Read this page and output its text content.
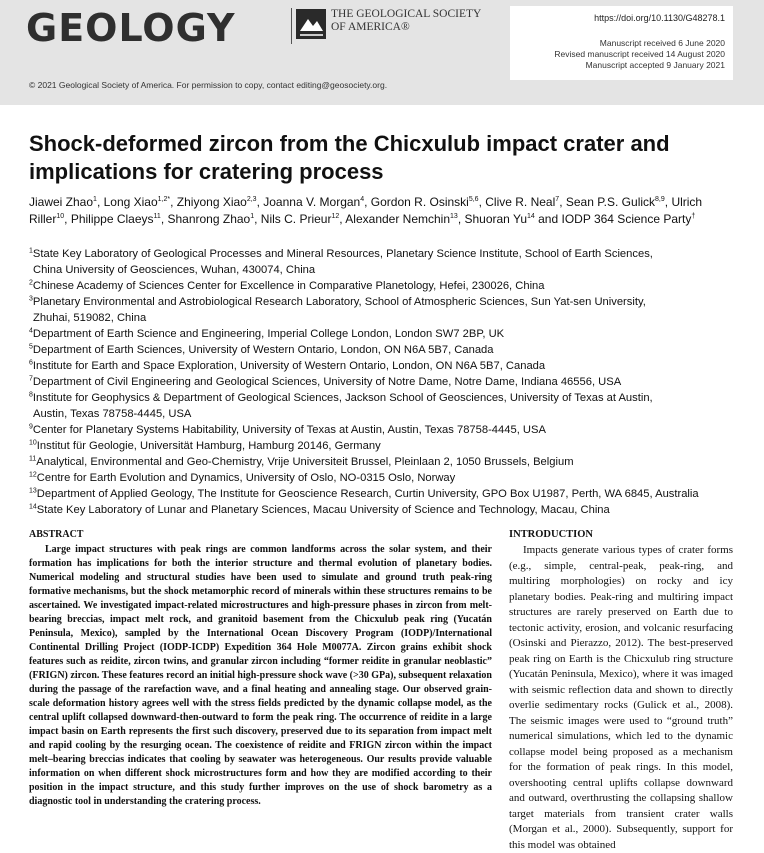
GEOLOGY	THE GEOLOGICAL SOCIETY
OF AMERICA®
https://doi.org/10.1130/G48278.1
Manuscript received 6 June 2020
Revised manuscript received 14 August 2020
Manuscript accepted 9 January 2021
© 2021 Geological Society of America. For permission to copy, contact editing@geosociety.org.
Shock-deformed zircon from the Chicxulub impact crater and implications for cratering process
Jiawei Zhao$^1$, Long Xiao$^{1,2*}$, Zhiyong Xiao$^{2,3}$, Joanna V. Morgan$^4$, Gordon R. Osinski$^{5,6}$, Clive R. Neal$^7$, Sean P.S. Gulick$^{8,9}$, Ulrich Riller$^{10}$, Philippe Claeys$^{11}$, Shanrong Zhao$^1$, Nils C. Prieur$^{12}$, Alexander Nemchin$^{13}$, Shuoran Yu$^{14}$ and IODP 364 Science Party†
$^1$State Key Laboratory of Geological Processes and Mineral Resources, Planetary Science Institute, School of Earth Sciences,
China University of Geosciences, Wuhan, 430074, China
$^2$Chinese Academy of Sciences Center for Excellence in Comparative Planetology, Hefei, 230026, China
$^3$Planetary Environmental and Astrobiological Research Laboratory, School of Atmospheric Sciences, Sun Yat-sen University,
Zhuhai, 519082, China
$^4$Department of Earth Science and Engineering, Imperial College London, London SW7 2BP, UK
$^5$Department of Earth Sciences, University of Western Ontario, London, ON N6A 5B7, Canada
$^6$Institute for Earth and Space Exploration, University of Western Ontario, London, ON N6A 5B7, Canada
$^7$Department of Civil Engineering and Geological Sciences, University of Notre Dame, Notre Dame, Indiana 46556, USA
$^8$Institute for Geophysics & Department of Geological Sciences, Jackson School of Geosciences, University of Texas at Austin,
Austin, Texas 78758-4445, USA
$^9$Center for Planetary Systems Habitability, University of Texas at Austin, Austin, Texas 78758-4445, USA
$^{10}$Institut für Geologie, Universität Hamburg, Hamburg 20146, Germany
$^{11}$Analytical, Environmental and Geo-Chemistry, Vrije Universiteit Brussel, Pleinlaan 2, 1050 Brussels, Belgium
$^{12}$Centre for Earth Evolution and Dynamics, University of Oslo, NO-0315 Oslo, Norway
$^{13}$Department of Applied Geology, The Institute for Geoscience Research, Curtin University, GPO Box U1987, Perth, WA 6845, Australia
$^{14}$State Key Laboratory of Lunar and Planetary Sciences, Macau University of Science and Technology, Macau, China
ABSTRACT

Large impact structures with peak rings are common landforms across the solar system, and their formation has implications for both the interior structure and thermal evolution of planetary bodies. Numerical modeling and structural studies have been used to simulate and ground truth peak-ring formative mechanisms, but the shock metamorphic record of minerals within these structures remains to be ascertained. We investigated impact-related microstructures and high-pressure phases in zircon from melt-bearing breccias, impact melt rock, and granitoid basement from the Chicxulub peak ring (Yucatán Peninsula, Mexico), sampled by the International Ocean Discovery Program (IODP)/International Continental Drilling Project (IODP-ICDP) Expedition 364 Hole M0077A. Zircon grains exhibit shock features such as reidite, zircon twins, and granular zircon including “former reidite in granular neoblastic” (FRIGN) zircon. These features record an initial high-pressure shock wave (>30 GPa), subsequent relaxation during the passage of the rarefaction wave, and a final heating and annealing stage. Our observed grain-scale deformation history agrees well with the stress fields predicted by the dynamic collapse model, as the central uplift collapsed downward-then-outward to form the peak ring. The occurrence of reidite in a large impact basin on Earth represents the first such discovery, preserved due to its separation from impact melt and rapid cooling by the resurging ocean. The coexistence of reidite and FRIGN zircon within the impact melt–bearing breccias indicates that cooling by seawater was heterogeneous. Our results provide valuable information on when different shock microstructures form and how they are modified according to their position in the impact structure, and this study further improves on the use of shock barometry as a diagnostic tool in understanding the cratering process.

INTRODUCTION

Impacts generate various types of crater forms (e.g., simple, central-peak, peak-ring, and multiring morphologies) on rocky and icy planetary bodies. Peak-ring and multiring impact structures are rarely preserved on Earth due to tectonic activity, erosion, and volcanic resurfacing (Osinski and Pierazzo, 2012). The best-preserved peak ring on Earth is the Chicxulub ring structure (Yucatán Peninsula, Mexico), where it was imaged with seismic reflection data and shown to directly overlie sedimentary rocks (Gulick et al., 2008). The seismic images were used to “ground truth” numerical simulations, which led to the dynamic collapse model being proposed as a mechanism for the formation of peak rings. In this model, overshooting central uplifts collapse downward and outward, overthrusting the collapsing shallow target materials from transient crater walls (Morgan et al., 2000). Subsequently, support for this model was obtained
